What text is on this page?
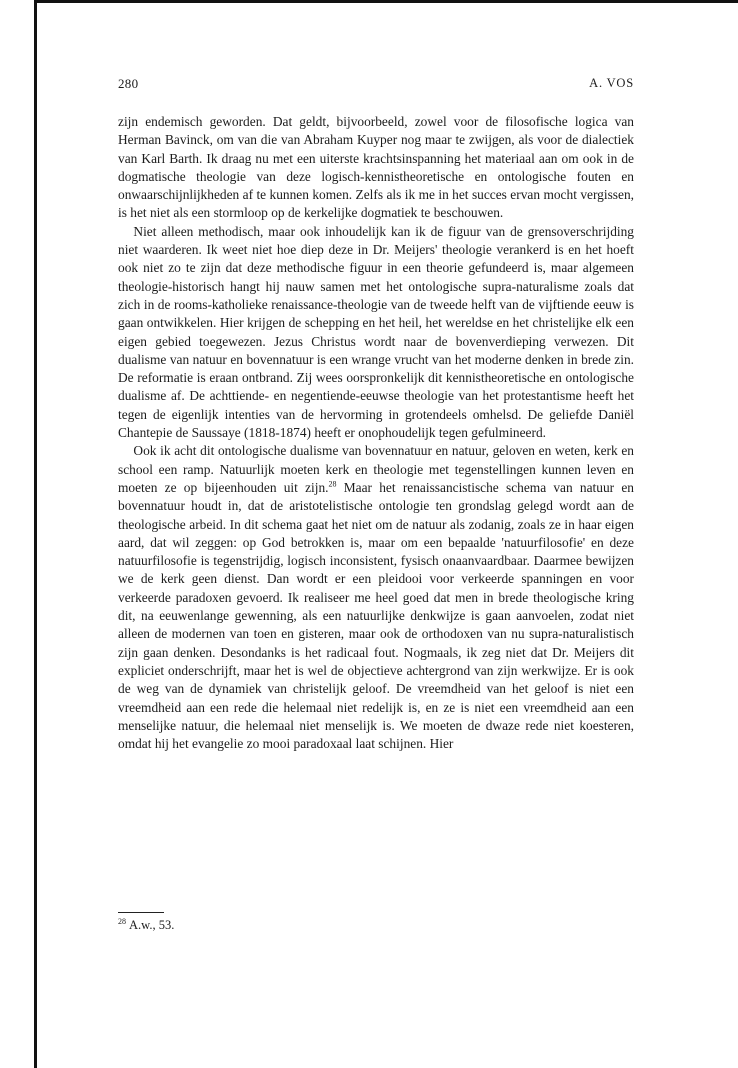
280	A. VOS

zijn endemisch geworden. Dat geldt, bijvoorbeeld, zowel voor de filosofische logica van Herman Bavinck, om van die van Abraham Kuyper nog maar te zwijgen, als voor de dialectiek van Karl Barth. Ik draag nu met een uiterste krachtsinspanning het materiaal aan om ook in de dogmatische theologie van deze logisch-kennistheoretische en ontologische fouten en onwaarschijnlijkheden af te kunnen komen. Zelfs als ik me in het succes ervan mocht vergissen, is het niet als een stormloop op de kerkelijke dogmatiek te beschouwen.

Niet alleen methodisch, maar ook inhoudelijk kan ik de figuur van de grensoverschrijding niet waarderen. Ik weet niet hoe diep deze in Dr. Meijers' theologie verankerd is en het hoeft ook niet zo te zijn dat deze methodische figuur in een theorie gefundeerd is, maar algemeen theologie-historisch hangt hij nauw samen met het ontologische supra-naturalisme zoals dat zich in de rooms-katholieke renaissance-theologie van de tweede helft van de vijftiende eeuw is gaan ontwikkelen. Hier krijgen de schepping en het heil, het wereldse en het christelijke elk een eigen gebied toegewezen. Jezus Christus wordt naar de bovenverdieping verwezen. Dit dualisme van natuur en bovennatuur is een wrange vrucht van het moderne denken in brede zin. De reformatie is eraan ontbrand. Zij wees oorspronkelijk dit kennistheoretische en ontologische dualisme af. De achttiende- en negentiende-eeuwse theologie van het protestantisme heeft het tegen de eigenlijk intenties van de hervorming in grotendeels omhelsd. De geliefde Daniël Chantepie de Saussaye (1818-1874) heeft er onophoudelijk tegen gefulmineerd.

Ook ik acht dit ontologische dualisme van bovennatuur en natuur, geloven en weten, kerk en school een ramp. Natuurlijk moeten kerk en theologie met tegenstellingen kunnen leven en moeten ze op bijeenhouden uit zijn.$^{28}$ Maar het renaissancistische schema van natuur en bovennatuur houdt in, dat de aristotelistische ontologie ten grondslag gelegd wordt aan de theologische arbeid. In dit schema gaat het niet om de natuur als zodanig, zoals ze in haar eigen aard, dat wil zeggen: op God betrokken is, maar om een bepaalde 'natuurfilosofie' en deze natuurfilosofie is tegenstrijdig, logisch inconsistent, fysisch onaanvaardbaar. Daarmee bewijzen we de kerk geen dienst. Dan wordt er een pleidooi voor verkeerde spanningen en voor verkeerde paradoxen gevoerd. Ik realiseer me heel goed dat men in brede theologische kring dit, na eeuwenlange gewenning, als een natuurlijke denkwijze is gaan aanvoelen, zodat niet alleen de modernen van toen en gisteren, maar ook de orthodoxen van nu supra-naturalistisch zijn gaan denken. Desondanks is het radicaal fout. Nogmaals, ik zeg niet dat Dr. Meijers dit expliciet onderschrijft, maar het is wel de objectieve achtergrond van zijn werkwijze. Er is ook de weg van de dynamiek van christelijk geloof. De vreemdheid van het geloof is niet een vreemdheid aan een rede die helemaal niet redelijk is, en ze is niet een vreemdheid aan een menselijke natuur, die helemaal niet menselijk is. We moeten de dwaze rede niet koesteren, omdat hij het evangelie zo mooi paradoxaal laat schijnen. Hier

$^{28}$ A.w., 53.
